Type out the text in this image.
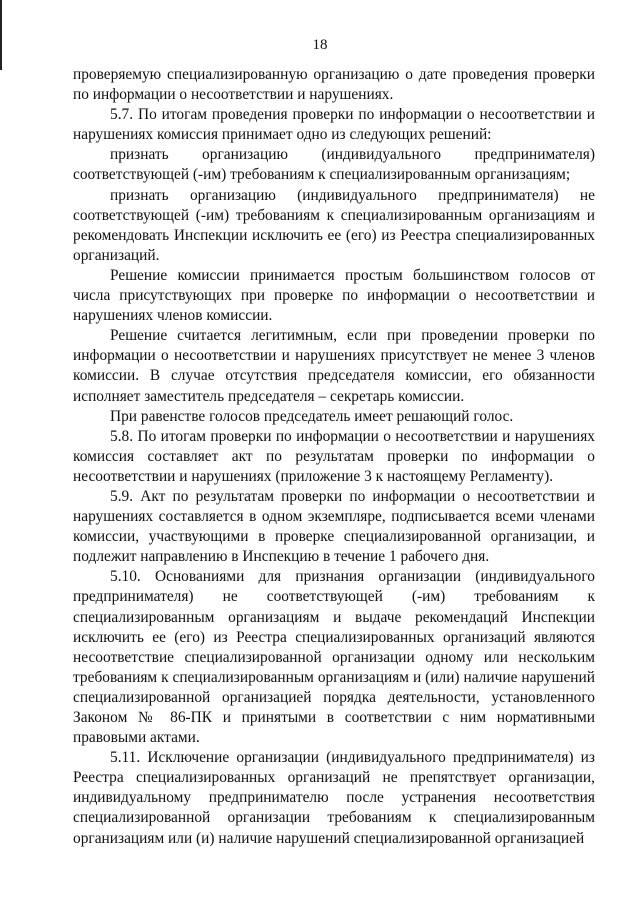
18

проверяемую специализированную организацию о дате проведения проверки по информации о несоответствии и нарушениях.

5.7. По итогам проведения проверки по информации о несоответствии и нарушениях комиссия принимает одно из следующих решений:

признать организацию (индивидуального предпринимателя) соответствующей (-им) требованиям к специализированным организациям;

признать организацию (индивидуального предпринимателя) не соответствующей (-им) требованиям к специализированным организациям и рекомендовать Инспекции исключить ее (его) из Реестра специализированных организаций.

Решение комиссии принимается простым большинством голосов от числа присутствующих при проверке по информации о несоответствии и нарушениях членов комиссии.

Решение считается легитимным, если при проведении проверки по информации о несоответствии и нарушениях присутствует не менее 3 членов комиссии. В случае отсутствия председателя комиссии, его обязанности исполняет заместитель председателя – секретарь комиссии.

При равенстве голосов председатель имеет решающий голос.

5.8. По итогам проверки по информации о несоответствии и нарушениях комиссия составляет акт по результатам проверки по информации о несоответствии и нарушениях (приложение 3 к настоящему Регламенту).

5.9. Акт по результатам проверки по информации о несоответствии и нарушениях составляется в одном экземпляре, подписывается всеми членами комиссии, участвующими в проверке специализированной организации, и подлежит направлению в Инспекцию в течение 1 рабочего дня.

5.10. Основаниями для признания организации (индивидуального предпринимателя) не соответствующей (-им) требованиям к специализированным организациям и выдаче рекомендаций Инспекции исключить ее (его) из Реестра специализированных организаций являются несоответствие специализированной организации одному или нескольким требованиям к специализированным организациям и (или) наличие нарушений специализированной организацией порядка деятельности, установленного Законом № 86-ПК и принятыми в соответствии с ним нормативными правовыми актами.

5.11. Исключение организации (индивидуального предпринимателя) из Реестра специализированных организаций не препятствует организации, индивидуальному предпринимателю после устранения несоответствия специализированной организации требованиям к специализированным организациям или (и) наличие нарушений специализированной организацией
